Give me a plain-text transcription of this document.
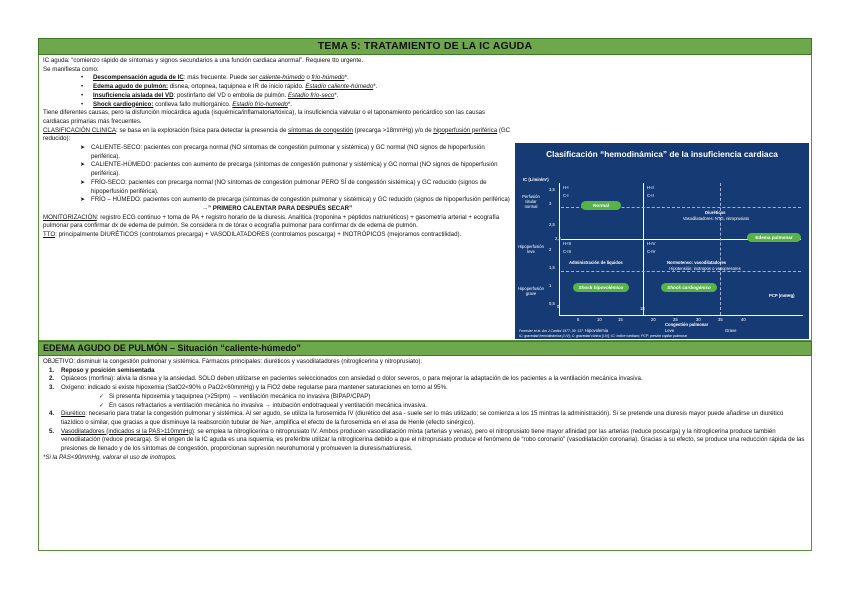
TEMA 5: TRATAMIENTO DE LA IC AGUDA
IC aguda: “comienzo rápido de síntomas y signos secundarios a una función cardiaca anormal”. Requiere tto urgente.
Se manifiesta como:
• Descompensación aguda de IC: más frecuente. Puede ser caliente-húmedo o frío-húmedo*.
• Edema agudo de pulmón: disnea, ortopnea, taquipnea e IR de inicio rápido. Estadío caliente-húmedo*.
• Insuficiencia aislada del VD: postinfarto del VD o embolia de pulmón. Estadío frío-seco*.
• Shock cardiogénico: conlleva fallo multiorgánico. Estadío frío-humedo*.
Tiene diferentes causas, pero la disfunción miocárdica aguda (isquémica/inflamatoria/tóxica), la insuficiencia valvular o el taponamiento pericárdico son las causas cardiacas primarias más frecuentes.
CLASIFICACIÓN CLINICA: se basa en la exploración física para detectar la presencia de síntomas de congestión (precarga >18mmHg) y/o de hipoperfusión periférica (GC reducido):
➤ CALIENTE-SECO: pacientes con precarga normal (NO síntomas de congestión pulmonar y sistémica) y GC normal (NO signos de hipoperfusión periférica).
➤ CALIENTE-HÚMEDO: pacientes con aumento de precarga (síntomas de congestión pulmonar y sistémica) y GC normal (NO signos de hipoperfusión periférica).
➤ FRÍO-SECO: pacientes con precarga normal (NO síntomas de congestión pulmonar PERO SÍ de congestión sistémica) y GC reducido (signos de hipoperfusión periférica).
➤ FRÍO – HÚMEDO: pacientes con aumento de precarga (síntomas de congestión pulmonar y sistémica) y GC reducido (signos de hipoperfusión periférica)
→” PRIMERO CALENTAR PARA DESPUÉS SECAR”
MONITORIZACIÓN: registro ECG continuo + toma de PA + registro horario de la diuresis. Analítica (troponina + péptidos natriuréticos) + gasometría arterial + ecografía pulmonar para confirmar dx de edema de pulmón. Se considera rx de tórax o ecografía pulmonar para confirmar dx de edema de pulmón.
TTO: principalmente DIURÉTICOS (controlamos precarga) + VASODILATADORES (controlamos poscarga) + INOTRÓPICOS (mejoramos contractilidad).
Clasificación “hemodinámica” de la insuficiencia cardiaca
IC (L/min/m²)
Perfusión tisular normal
Hipoperfusión leve
Hipoperfusión grave
3,5
3
2,5
2,2
2
1,5
1
0,5
H-I
C-I
H-II
C-II
H-III
C-III
H-IV
C-IV
Normal
Diuréticos
Vasodilatadores: NTG, nitroprusiato
Edema pulmonar
Administración de líquidos	Normotenso: vasodilatadores
Hipotensión: inotropos o vasopresores
Shock hipovolémico	Shock cardiogénico
PCP (mmHg)
0
5	10	15
18
20	25	30	35	40
Congestión pulmonar
Hipovolemia	Leve	Grave
Forrester et al. Am J Cardiol 1977; 39: 137.
IC: gravedad hemodinámica (I-IV); C: gravedad clínica (I-IV); IC: índice cardiaco; PCP: presión capilar pulmonar
EDEMA AGUDO DE PULMÓN – Situación “caliente-húmedo”
OBJETIVO: disminuir la congestión pulmonar y sistémica. Fármacos principales: diuréticos y vasodilatadores (nitroglicerina y nitroprusiato).
1. Reposo y posición semisentada
2. Opiáceos (morfina): alivia la disnea y la ansiedad. SOLO deben utilizarse en pacientes seleccionados con ansiedad o dolor severos, o para mejorar la adaptación de los pacientes a la ventilación mecánica invasiva.
3. Oxígeno: indicado si existe hipoxemia (SatO2<90% o PaO2<60mmHg) y la FiO2 debe regularse para mantener saturaciones en torno al 95%.
✓ Si presenta hipoxemia y taquipnea (>25rpm) → ventilación mecánica no invasiva (BIPAP/CPAP)
✓ En casos refractarios a ventilación mecánica no invasiva → intubación endotraqueal y ventilación mecánica invasiva.
4. Diurético: necesario para tratar la congestión pulmonar y sistémica. Al ser agudo, se utiliza la furosemida IV (diurético del asa - suele ser lo más utilizado; se comienza a los 15 mintras la administración). Si se pretende una diuresis mayor puede añadirse un diurético tiazídico o similar, que gracias a que disminuye la reabsorción tubular de Na+, amplifica el efecto de la furosemida en el asa de Henle (efecto sinérgico).
5. Vasodilatadores (indicados si la PAS>110mmHg): se emplea la nitroglicerina o nitroprusiato IV. Ambos producen vasodilatación mixta (arterias y venas), pero el nitroprusiato tiene mayor afinidad por las arterias (reduce poscarga) y la nitroglicerina produce también venodilatación (reduce precarga). Si el origen de la IC aguda es una isquemia, es preferible utilizar la nitroglicerina debido a que el nitroprusiato produce el fenómeno de “robo coronario” (vasodilatación coronaria). Gracias a su efecto, se produce una reducción rápida de las presiones de llenado y de los síntomas de congestión, proporcionan supresión neurohumoral y promueven la diuresis/natriuresis.
*Si la PAS<90mmHg, valorar el uso de inotropos.
